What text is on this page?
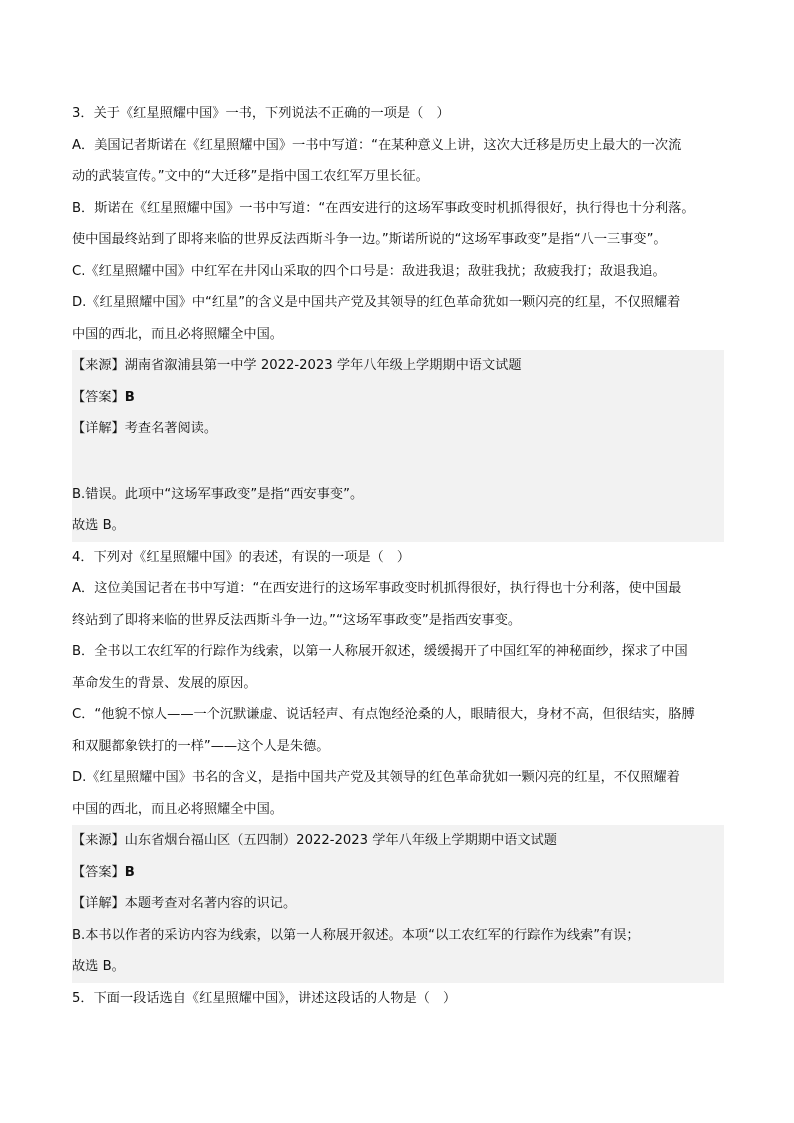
3．关于《红星照耀中国》一书，下列说法不正确的一项是（　）
A．美国记者斯诺在《红星照耀中国》一书中写道：“在某种意义上讲，这次大迁移是历史上最大的一次流
动的武装宣传。”文中的“大迁移”是指中国工农红军万里长征。
B．斯诺在《红星照耀中国》一书中写道：“在西安进行的这场军事政变时机抓得很好，执行得也十分利落。
使中国最终站到了即将来临的世界反法西斯斗争一边。”斯诺所说的“这场军事政变”是指“八一三事变”。
C.《红星照耀中国》中红军在井冈山采取的四个口号是：敌进我退；敌驻我扰；敌疲我打；敌退我追。
D.《红星照耀中国》中“红星”的含义是中国共产党及其领导的红色革命犹如一颗闪亮的红星，不仅照耀着
中国的西北，而且必将照耀全中国。
【来源】湖南省溆浦县第一中学 2022-2023 学年八年级上学期期中语文试题
【答案】B
【详解】考查名著阅读。
B.错误。此项中“这场军事政变”是指“西安事变”。
故选 B。
4．下列对《红星照耀中国》的表述，有误的一项是（　）
A．这位美国记者在书中写道：“在西安进行的这场军事政变时机抓得很好，执行得也十分利落，使中国最
终站到了即将来临的世界反法西斯斗争一边。”“这场军事政变”是指西安事变。
B．全书以工农红军的行踪作为线索，以第一人称展开叙述，缓缓揭开了中国红军的神秘面纱，探求了中国
革命发生的背景、发展的原因。
C．“他貌不惊人——一个沉默谦虚、说话轻声、有点饱经沧桑的人，眼睛很大，身材不高，但很结实，胳膊
和双腿都象铁打的一样”——这个人是朱德。
D.《红星照耀中国》书名的含义，是指中国共产党及其领导的红色革命犹如一颗闪亮的红星，不仅照耀着
中国的西北，而且必将照耀全中国。
【来源】山东省烟台福山区（五四制）2022-2023 学年八年级上学期期中语文试题
【答案】B
【详解】本题考查对名著内容的识记。
B.本书以作者的采访内容为线索，以第一人称展开叙述。本项“以工农红军的行踪作为线索”有误；
故选 B。
5．下面一段话选自《红星照耀中国》，讲述这段话的人物是（　）
